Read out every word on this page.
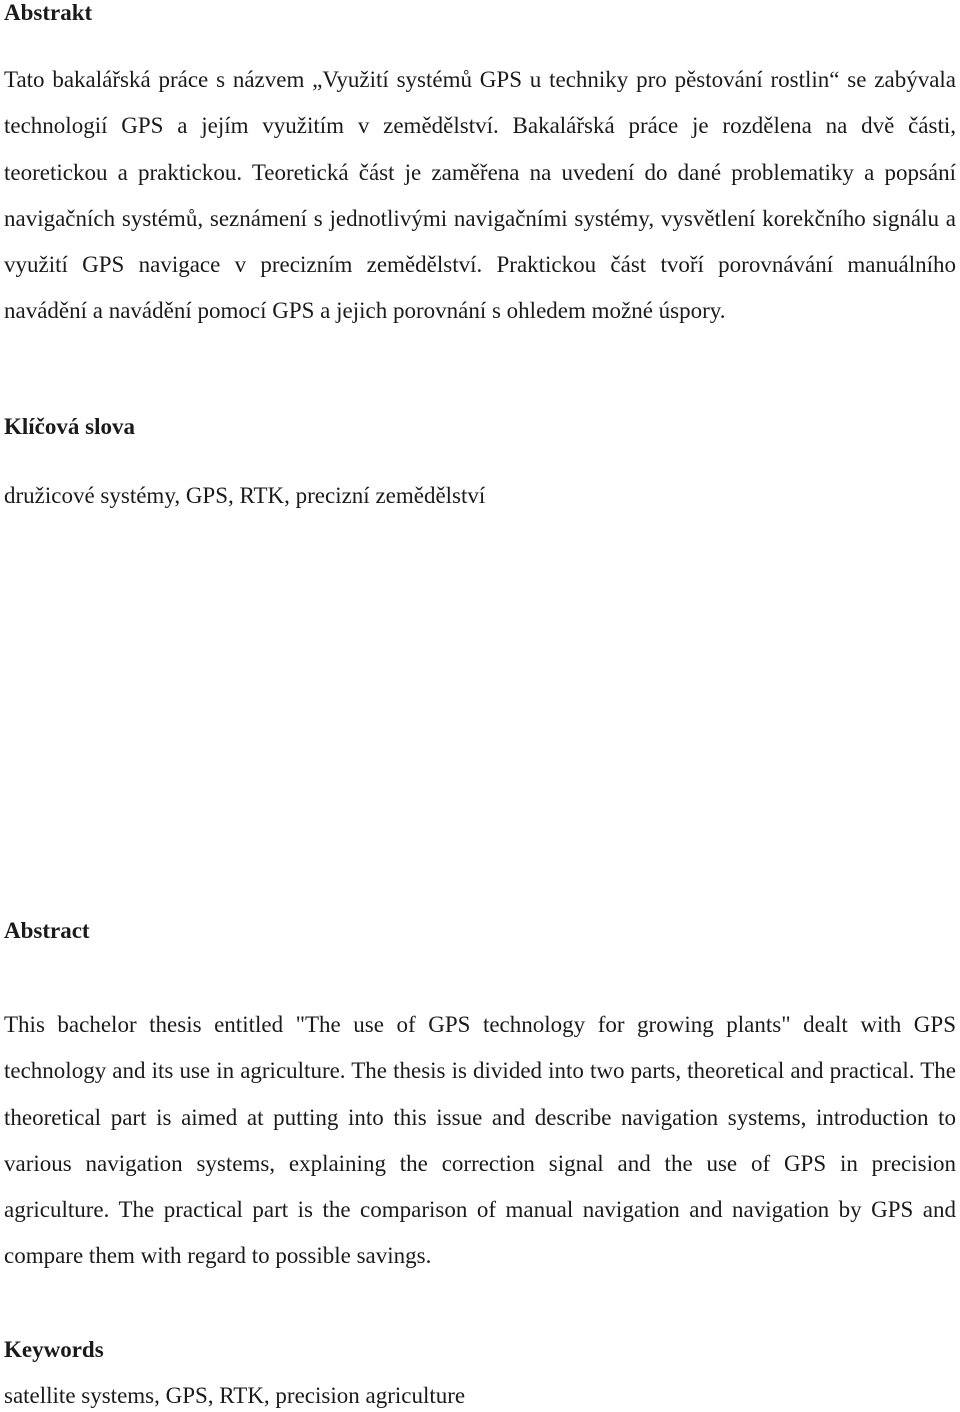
Abstrakt

Tato bakalářská práce s názvem „Využití systémů GPS u techniky pro pěstování rostlin“ se zabývala technologií GPS a jejím využitím v zemědělství. Bakalářská práce je rozdělena na dvě části, teoretickou a praktickou. Teoretická část je zaměřena na uvedení do dané problematiky a popsání navigačních systémů, seznámení s jednotlivými navigačními systémy, vysvětlení korekčního signálu a využití GPS navigace v precizním zemědělství. Praktickou část tvoří porovnávání manuálního navádění a navádění pomocí GPS a jejich porovnání s ohledem možné úspory.

Klíčová slova

družicové systémy, GPS, RTK, precizní zemědělství

Abstract

This bachelor thesis entitled "The use of GPS technology for growing plants" dealt with GPS technology and its use in agriculture. The thesis is divided into two parts, theoretical and practical. The theoretical part is aimed at putting into this issue and describe navigation systems, introduction to various navigation systems, explaining the correction signal and the use of GPS in precision agriculture. The practical part is the comparison of manual navigation and navigation by GPS and compare them with regard to possible savings.

Keywords

satellite systems, GPS, RTK, precision agriculture
